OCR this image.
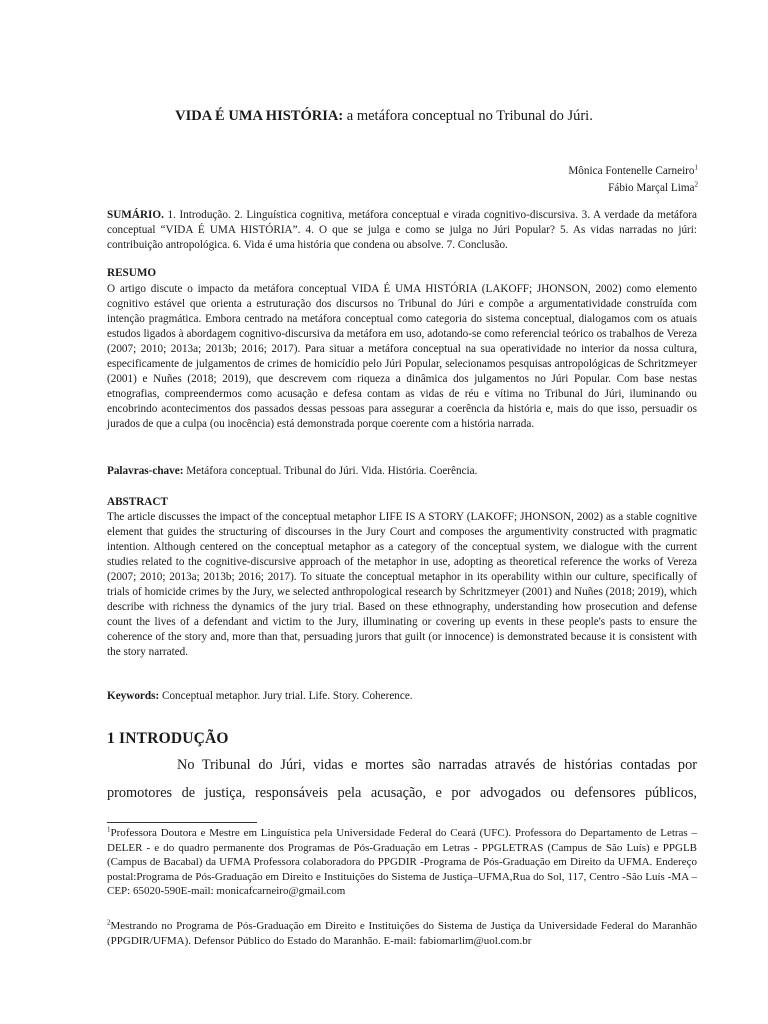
VIDA É UMA HISTÓRIA: a metáfora conceptual no Tribunal do Júri.
Mônica Fontenelle Carneiro$^1$
Fábio Marçal Lima$^2$
SUMÁRIO. 1. Introdução. 2. Linguística cognitiva, metáfora conceptual e virada cognitivo-discursiva. 3. A verdade da metáfora conceptual “VIDA É UMA HISTÓRIA”. 4. O que se julga e como se julga no Júri Popular? 5. As vidas narradas no júri: contribuição antropológica. 6. Vida é uma história que condena ou absolve. 7. Conclusão.
RESUMO
O artigo discute o impacto da metáfora conceptual VIDA É UMA HISTÓRIA (LAKOFF; JHONSON, 2002) como elemento cognitivo estável que orienta a estruturação dos discursos no Tribunal do Júri e compõe a argumentatividade construída com intenção pragmática. Embora centrado na metáfora conceptual como categoria do sistema conceptual, dialogamos com os atuais estudos ligados à abordagem cognitivo-discursiva da metáfora em uso, adotando-se como referencial teórico os trabalhos de Vereza (2007; 2010; 2013a; 2013b; 2016; 2017). Para situar a metáfora conceptual na sua operatividade no interior da nossa cultura, especificamente de julgamentos de crimes de homicídio pelo Júri Popular, selecionamos pesquisas antropológicas de Schritzmeyer (2001) e Nuñes (2018; 2019), que descrevem com riqueza a dinâmica dos julgamentos no Júri Popular. Com base nestas etnografias, compreendermos como acusação e defesa contam as vidas de réu e vítima no Tribunal do Júri, iluminando ou encobrindo acontecimentos dos passados dessas pessoas para assegurar a coerência da história e, mais do que isso, persuadir os jurados de que a culpa (ou inocência) está demonstrada porque coerente com a história narrada.
Palavras-chave: Metáfora conceptual. Tribunal do Júri. Vida. História. Coerência.
ABSTRACT
The article discusses the impact of the conceptual metaphor LIFE IS A STORY (LAKOFF; JHONSON, 2002) as a stable cognitive element that guides the structuring of discourses in the Jury Court and composes the argumentivity constructed with pragmatic intention. Although centered on the conceptual metaphor as a category of the conceptual system, we dialogue with the current studies related to the cognitive-discursive approach of the metaphor in use, adopting as theoretical reference the works of Vereza (2007; 2010; 2013a; 2013b; 2016; 2017). To situate the conceptual metaphor in its operability within our culture, specifically of trials of homicide crimes by the Jury, we selected anthropological research by Schritzmeyer (2001) and Nuñes (2018; 2019), which describe with richness the dynamics of the jury trial. Based on these ethnography, understanding how prosecution and defense count the lives of a defendant and victim to the Jury, illuminating or covering up events in these people's pasts to ensure the coherence of the story and, more than that, persuading jurors that guilt (or innocence) is demonstrated because it is consistent with the story narrated.
Keywords: Conceptual metaphor. Jury trial. Life. Story. Coherence.
1 INTRODUÇÃO
No Tribunal do Júri, vidas e mortes são narradas através de histórias contadas por
promotores de justiça, responsáveis pela acusação, e por advogados ou defensores públicos,
$^1$Professora Doutora e Mestre em Linguística pela Universidade Federal do Ceará (UFC). Professora do Departamento de Letras –DELER - e do quadro permanente dos Programas de Pós-Graduação em Letras - PPGLETRAS (Campus de São Luís) e PPGLB (Campus de Bacabal) da UFMA Professora colaboradora do PPGDIR -Programa de Pós-Graduação em Direito da UFMA. Endereço postal:Programa de Pós-Graduação em Direito e Instituições do Sistema de Justiça–UFMA,Rua do Sol, 117, Centro -São Luís -MA –CEP: 65020-590E-mail: monicafcarneiro@gmail.com
$^2$Mestrando no Programa de Pós-Graduação em Direito e Instituições do Sistema de Justiça da Universidade Federal do Maranhão (PPGDIR/UFMA). Defensor Público do Estado do Maranhão. E-mail: fabiomarlim@uol.com.br
